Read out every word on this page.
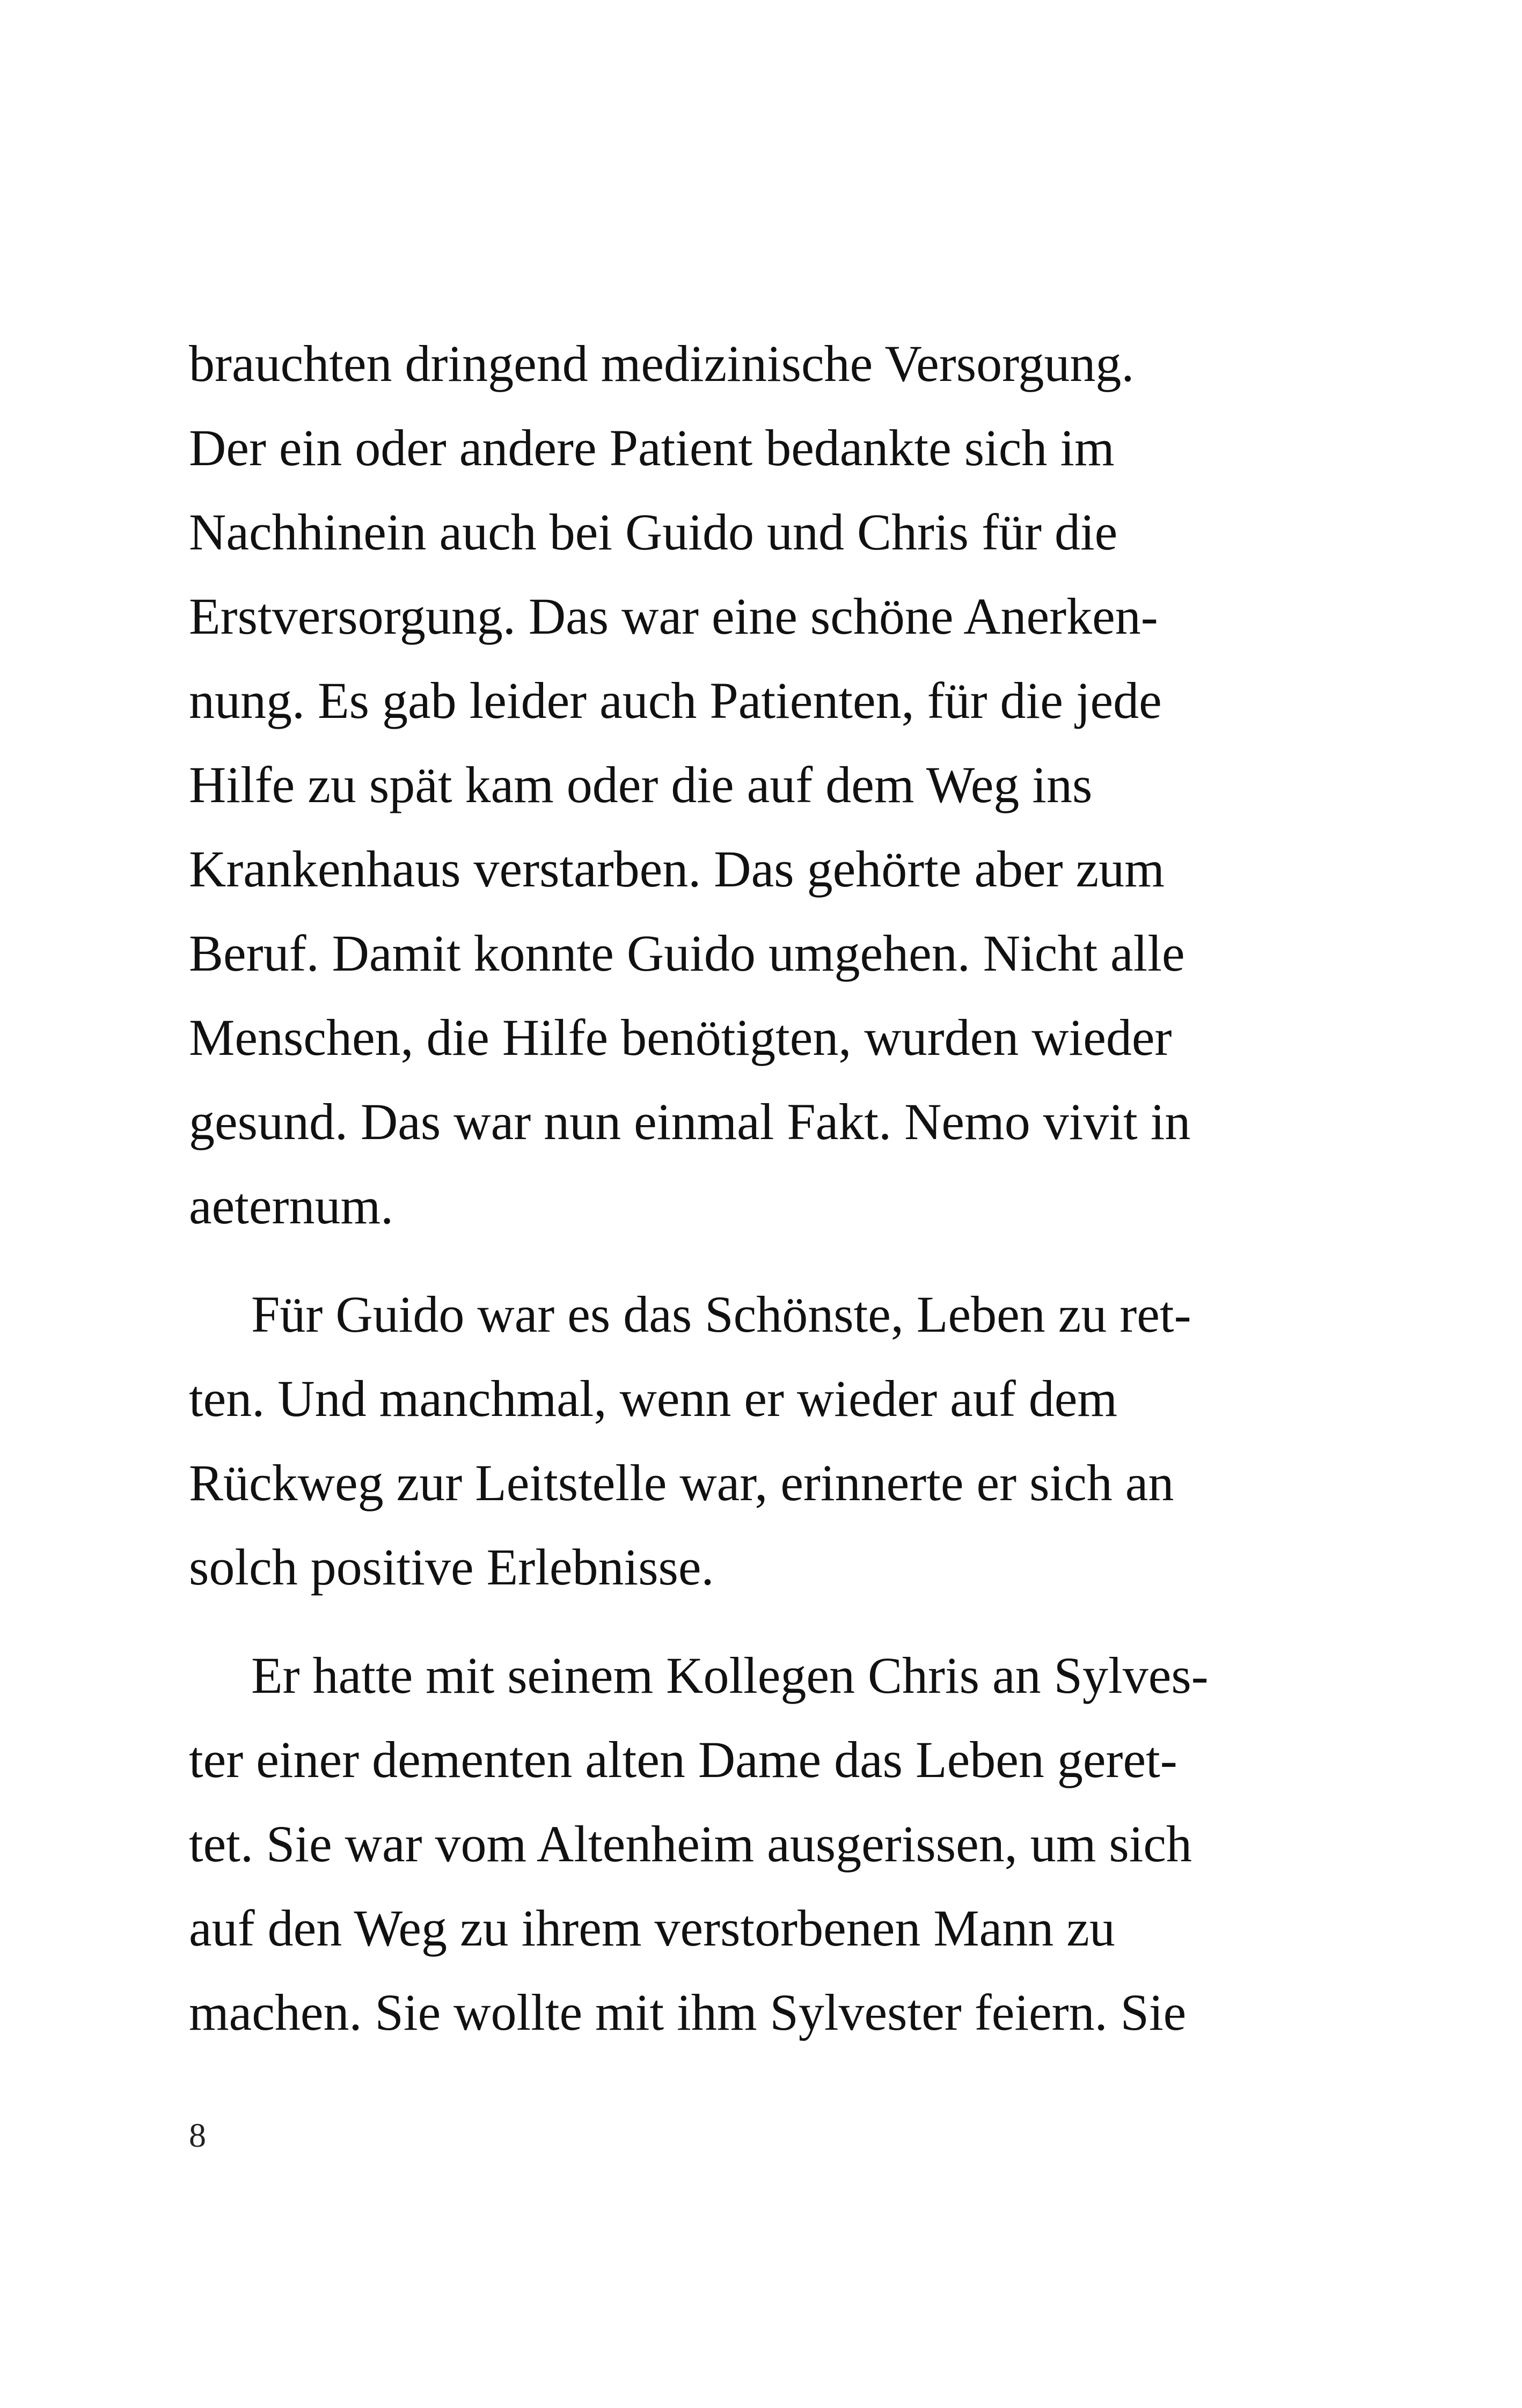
brauchten dringend medizinische Versorgung.
Der ein oder andere Patient bedankte sich im
Nachhinein auch bei Guido und Chris für die
Erstversorgung. Das war eine schöne Anerken-
nung. Es gab leider auch Patienten, für die jede
Hilfe zu spät kam oder die auf dem Weg ins
Krankenhaus verstarben. Das gehörte aber zum
Beruf. Damit konnte Guido umgehen. Nicht alle
Menschen, die Hilfe benötigten, wurden wieder
gesund. Das war nun einmal Fakt. Nemo vivit in
aeternum.
Für Guido war es das Schönste, Leben zu ret-
ten. Und manchmal, wenn er wieder auf dem
Rückweg zur Leitstelle war, erinnerte er sich an
solch positive Erlebnisse.
Er hatte mit seinem Kollegen Chris an Sylves-
ter einer dementen alten Dame das Leben geret-
tet. Sie war vom Altenheim ausgerissen, um sich
auf den Weg zu ihrem verstorbenen Mann zu
machen. Sie wollte mit ihm Sylvester feiern. Sie
8
